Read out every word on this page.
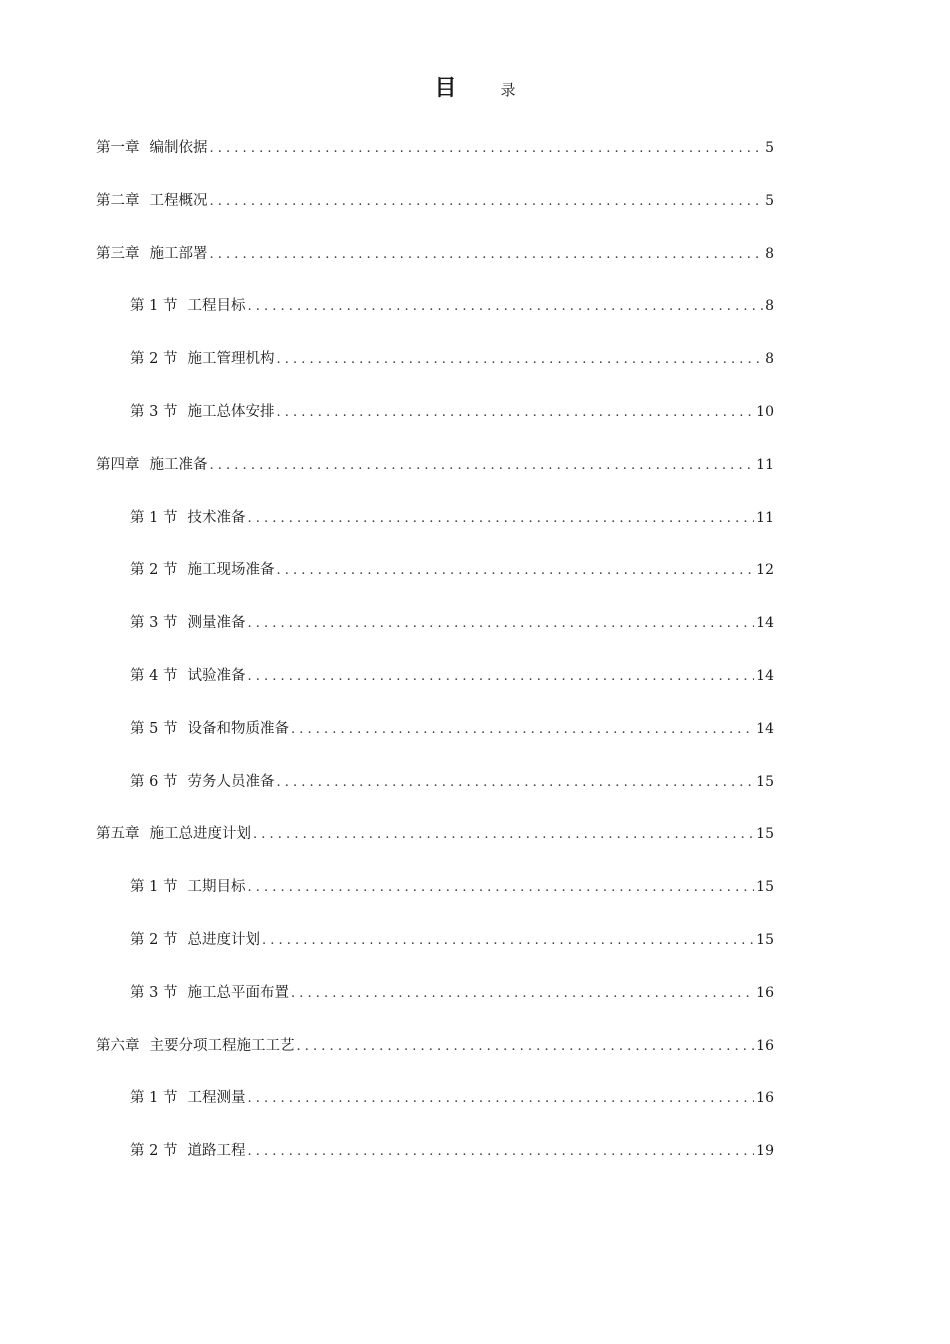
目	录
第一章 编制依据 . . .	5
第二章 工程概况 . . .	5
第三章 施工部署 . . .	8
第 1 节 工程目标 . . .	8
第 2 节 施工管理机构 . . .	8
第 3 节 施工总体安排 . . .	10
第四章 施工准备 . . .	11
第 1 节 技术准备 . . .	11
第 2 节 施工现场准备 . . .	12
第 3 节 测量准备 . . .	14
第 4 节 试验准备 . . .	14
第 5 节 设备和物质准备 . . .	14
第 6 节 劳务人员准备 . . .	15
第五章 施工总进度计划 . . .	15
第 1 节 工期目标 . . .	15
第 2 节 总进度计划 . . .	15
第 3 节 施工总平面布置 . . .	16
第六章 主要分项工程施工工艺 . . .	16
第 1 节 工程测量 . . .	16
第 2 节 道路工程 . . .	19
